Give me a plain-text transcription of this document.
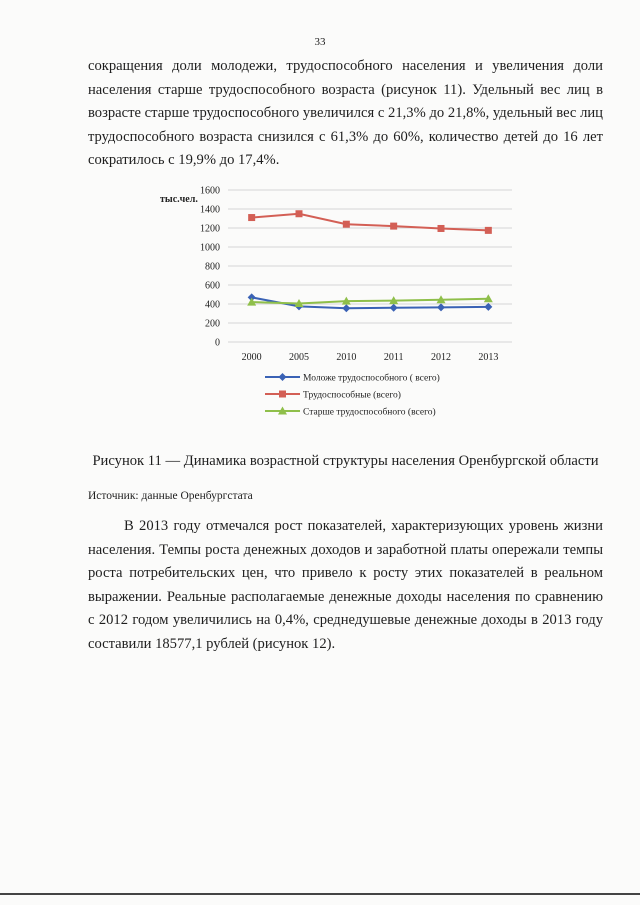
33

сокращения доли молодежи, трудоспособного населения и увеличения доли населения старше трудоспособного возраста (рисунок 11). Удельный вес лиц в возрасте старше трудоспособного увеличился с 21,3% до 21,8%, удельный вес лиц трудоспособного возраста снизился с 61,3% до 60%, количество детей до 16 лет сократилось с 19,9% до 17,4%.

0
200
400
600
800
1000
1200
1400
1600
тыс.чел.
2000	2005	2010	2011	2012	2013
Моложе трудоспособного ( всего)
Трудоспособные (всего)
Старше трудоспособного (всего)
Рисунок 11 — Динамика возрастной структуры населения Оренбургской области
Источник: данные Оренбургстата

В 2013 году отмечался рост показателей, характеризующих уровень жизни населения. Темпы роста денежных доходов и заработной платы опережали темпы роста потребительских цен, что привело к росту этих показателей в реальном выражении. Реальные располагаемые денежные доходы населения по сравнению с 2012 годом увеличились на 0,4%, среднедушевые денежные доходы в 2013 году составили 18577,1 рублей (рисунок 12).
